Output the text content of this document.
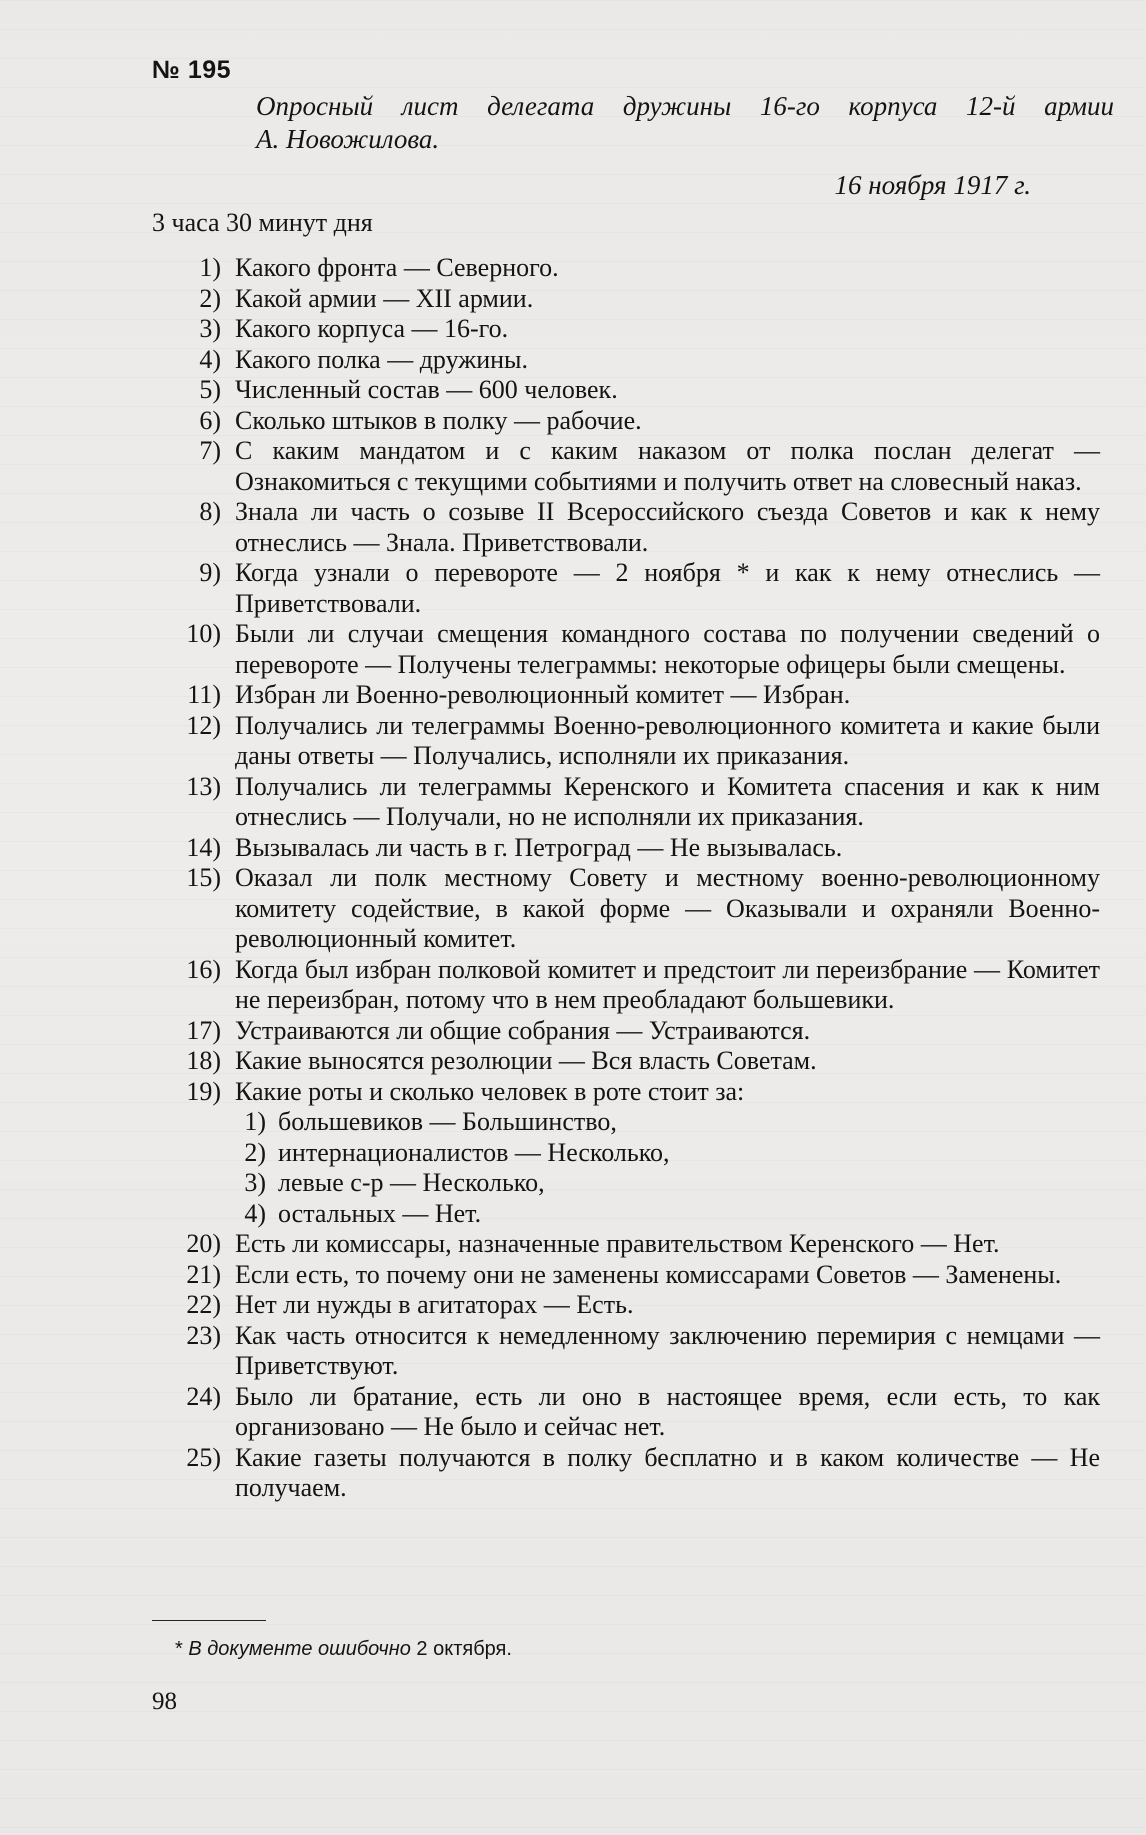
№ 195
Опросный лист делегата дружины 16-го корпуса 12-й армии
А. Новожилова.
16 ноября 1917 г.
3 часа 30 минут дня
1) Какого фронта — Северного.
2) Какой армии — XII армии.
3) Какого корпуса — 16-го.
4) Какого полка — дружины.
5) Численный состав — 600 человек.
6) Сколько штыков в полку — рабочие.
7) С каким мандатом и с каким наказом от полка послан делегат — Ознакомиться с текущими событиями и получить ответ на словесный наказ.
8) Знала ли часть о созыве II Всероссийского съезда Советов и как к нему отнеслись — Знала. Приветствовали.
9) Когда узнали о перевороте — 2 ноября * и как к нему отнеслись — Приветствовали.
10) Были ли случаи смещения командного состава по получении сведений о перевороте — Получены телеграммы: некоторые офицеры были смещены.
11) Избран ли Военно-революционный комитет — Избран.
12) Получались ли телеграммы Военно-революционного комитета и какие были даны ответы — Получались, исполняли их приказания.
13) Получались ли телеграммы Керенского и Комитета спасения и как к ним отнеслись — Получали, но не исполняли их приказания.
14) Вызывалась ли часть в г. Петроград — Не вызывалась.
15) Оказал ли полк местному Совету и местному военно-революционному комитету содействие, в какой форме — Оказывали и охраняли Военно-революционный комитет.
16) Когда был избран полковой комитет и предстоит ли переизбрание — Комитет не переизбран, потому что в нем преобладают большевики.
17) Устраиваются ли общие собрания — Устраиваются.
18) Какие выносятся резолюции — Вся власть Советам.
19) Какие роты и сколько человек в роте стоит за:
1) большевиков — Большинство,
2) интернационалистов — Несколько,
3) левые с-р — Несколько,
4) остальных — Нет.
20) Есть ли комиссары, назначенные правительством Керенского — Нет.
21) Если есть, то почему они не заменены комиссарами Советов — Заменены.
22) Нет ли нужды в агитаторах — Есть.
23) Как часть относится к немедленному заключению перемирия с немцами — Приветствуют.
24) Было ли братание, есть ли оно в настоящее время, если есть, то как организовано — Не было и сейчас нет.
25) Какие газеты получаются в полку бесплатно и в каком количестве — Не получаем.
* В документе ошибочно 2 октября.
98
